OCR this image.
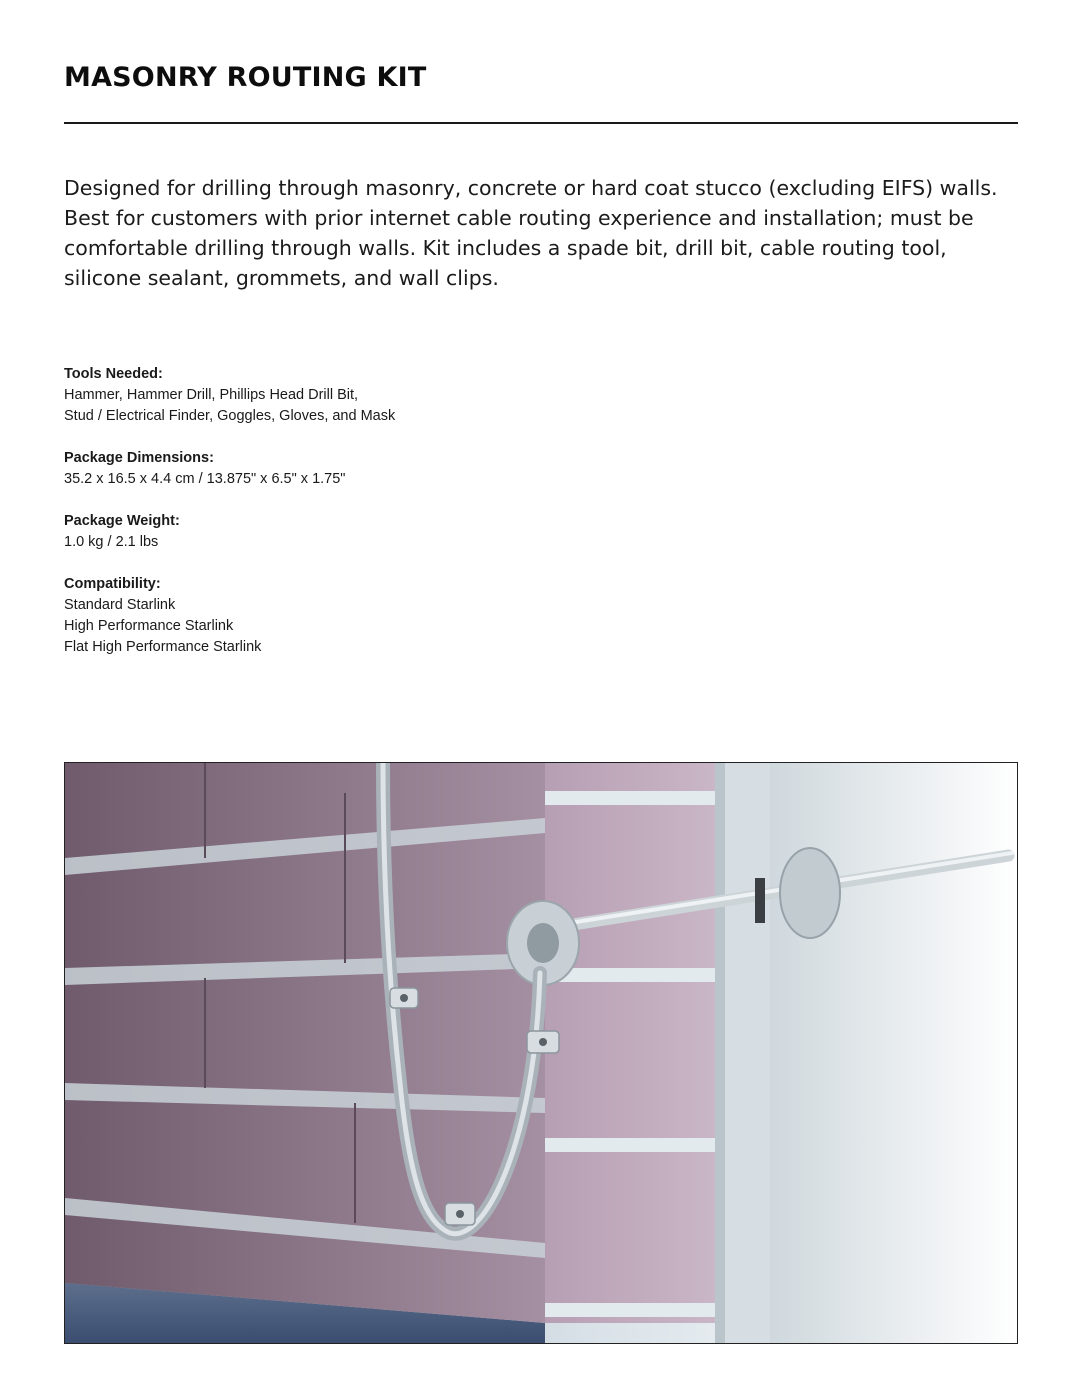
MASONRY ROUTING KIT

Designed for drilling through masonry, concrete or hard coat stucco (excluding EIFS) walls. Best for customers with prior internet cable routing experience and installation; must be comfortable drilling through walls. Kit includes a spade bit, drill bit, cable routing tool, silicone sealant, grommets, and wall clips.

Tools Needed:
Hammer, Hammer Drill, Phillips Head Drill Bit,
Stud / Electrical Finder, Goggles, Gloves, and Mask
Package Dimensions:
35.2 x 16.5 x 4.4 cm / 13.875" x 6.5" x 1.75"
Package Weight:
1.0 kg / 2.1 lbs
Compatibility:
Standard Starlink
High Performance Starlink
Flat High Performance Starlink
